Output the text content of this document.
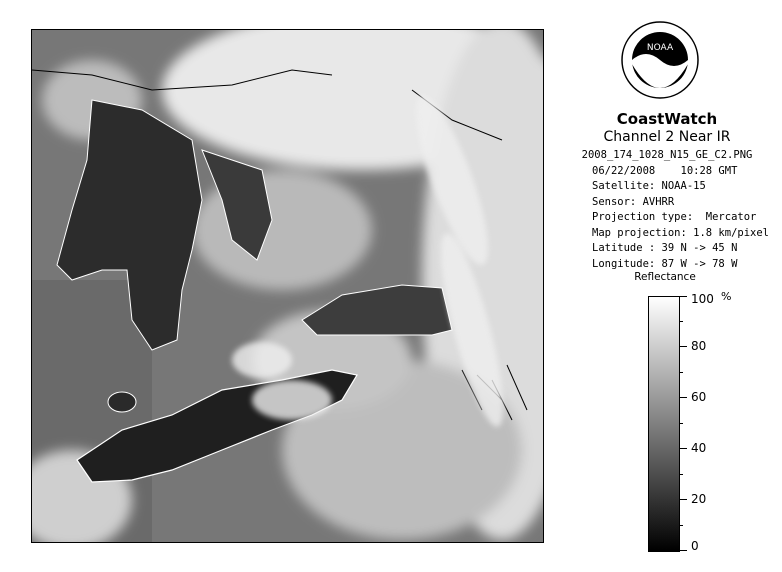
NOAA
CoastWatch
Channel 2 Near IR
2008_174_1028_N15_GE_C2.PNG
06/22/2008    10:28 GMT
Satellite: NOAA-15
Sensor: AVHRR
Projection type:  Mercator
Map projection: 1.8 km/pixel
Latitude : 39 N -> 45 N
Longitude: 87 W -> 78 W
Reflectance
%
100
80
60
40
20
0
